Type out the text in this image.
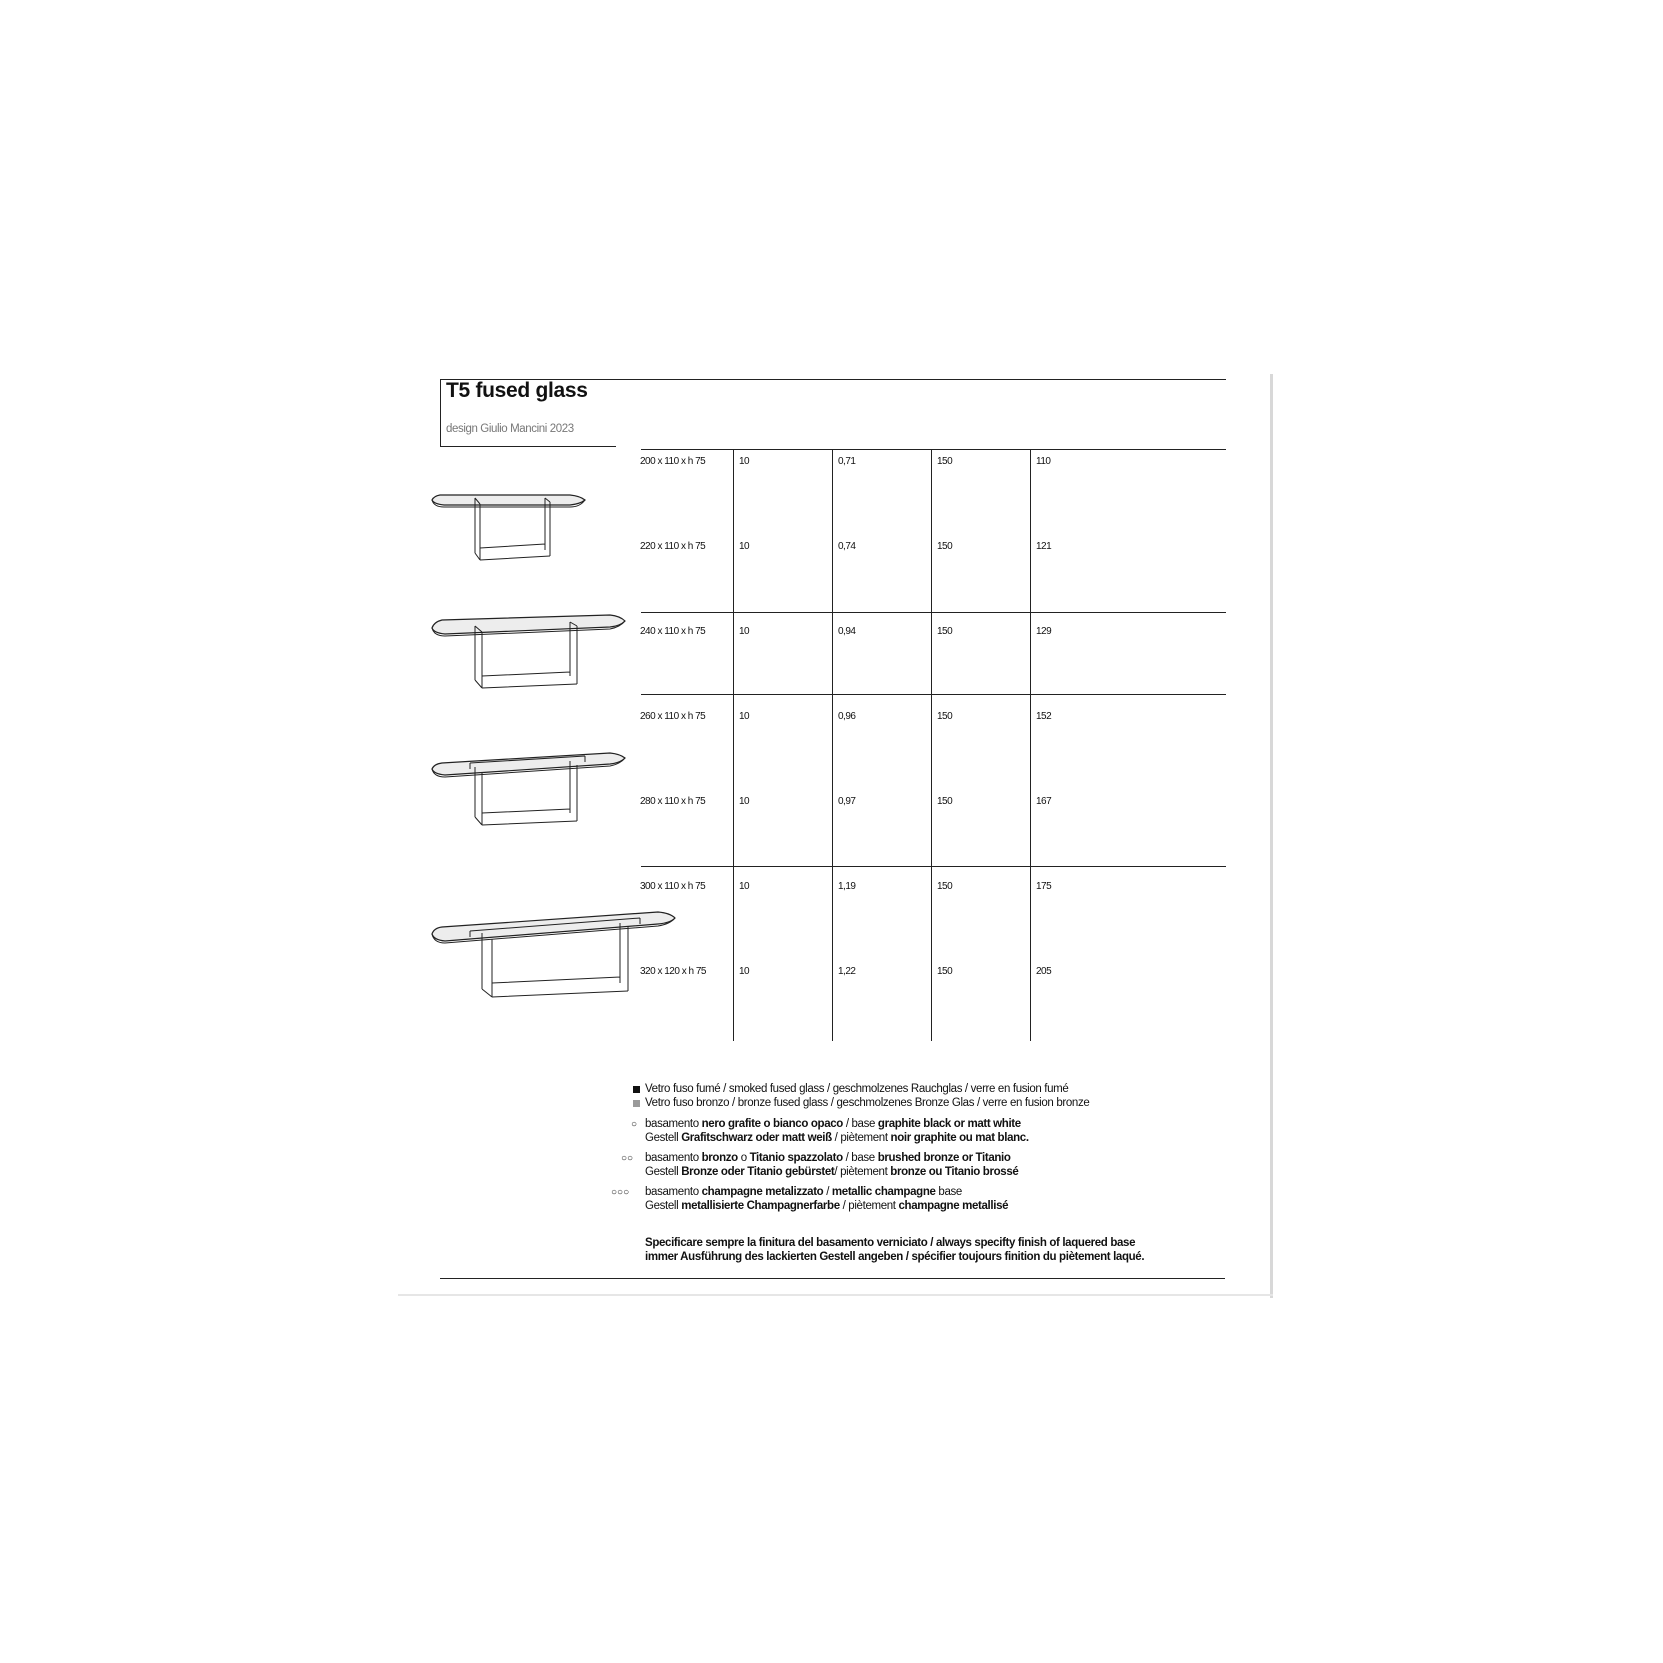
T5 fused glass
design Giulio Mancini 2023
200 x 110 x h 75	10	0,71	150	110
220 x 110 x h 75	10	0,74	150	121
240 x 110 x h 75	10	0,94	150	129
260 x 110 x h 75	10	0,96	150	152
280 x 110 x h 75	10	0,97	150	167
300 x 110 x h 75	10	1,19	150	175
320 x 120 x h 75	10	1,22	150	205
Vetro fuso fumé / smoked fused glass / geschmolzenes Rauchglas / verre en fusion fumé
Vetro fuso bronzo / bronze fused glass / geschmolzenes Bronze Glas / verre en fusion bronze
○ basamento nero grafite o bianco opaco / base graphite black or matt white
Gestell Grafitschwarz oder matt weiß / piètement noir graphite ou mat blanc.
○○ basamento bronzo o Titanio spazzolato / base brushed bronze or Titanio
Gestell Bronze oder Titanio gebürstet/ piètement bronze ou Titanio brossé
○○○ basamento champagne metalizzato / metallic champagne base
Gestell metallisierte Champagnerfarbe / piètement champagne metallisé
Specificare sempre la finitura del basamento verniciato / always specifty finish of laquered base
immer Ausführung des lackierten Gestell angeben / spécifier toujours finition du piètement laqué.
